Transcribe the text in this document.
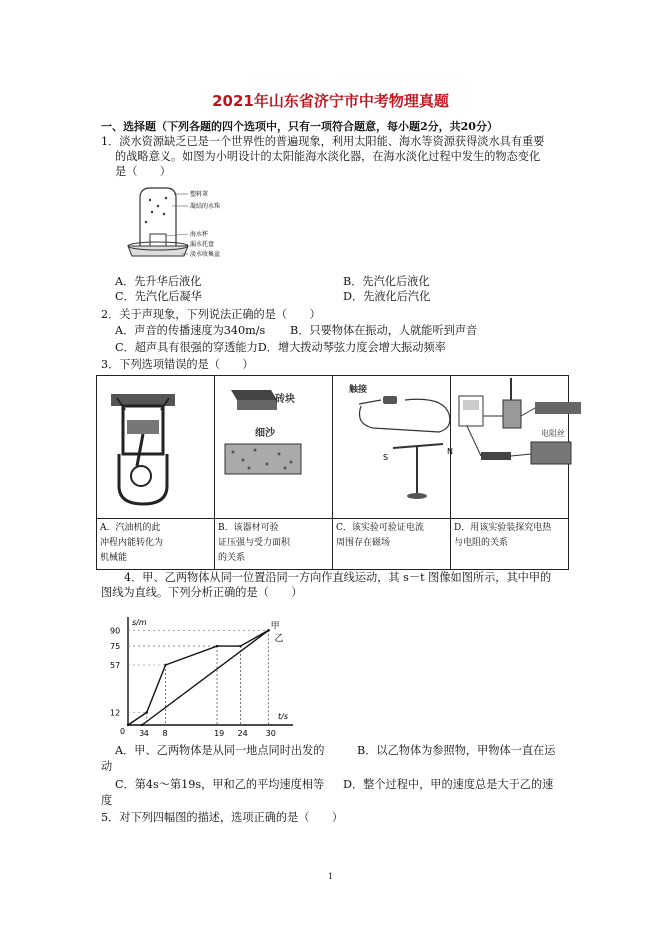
2021年山东省济宁市中考物理真题
一、选择题（下列各题的四个选项中，只有一项符合题意，每小题2分，共20分）
1．淡水资源缺乏已是一个世界性的普遍现象，利用太阳能、海水等资源获得淡水具有重要
的战略意义。如图为小明设计的太阳能海水淡化器，在海水淡化过程中发生的物态变化
是（　　）
塑料罩
凝结的水珠
海水杯
漏水托盘
淡水收集盆
A．先升华后液化	B．先汽化后液化
C．先汽化后凝华	D．先液化后汽化
2．关于声现象，下列说法正确的是（　　）
A．声音的传播速度为340m/s B．只要物体在振动，人就能听到声音
C．超声具有很强的穿透能力D．增大拨动琴弦力度会增大振动频率
3．下列选项错误的是（　　）

砖块
细沙	触接
S
N	电阻丝

A．汽油机的此
冲程内能转化为
机械能	B．该器材可验
证压强与受力面积
的关系	C．该实验可验证电流
周围存在磁场	D．用该实验装探究电热
与电阻的关系
4．甲、乙两物体从同一位置沿同一方向作直线运动，其 s－t 图像如图所示，其中甲的
图线为直线。下列分析正确的是（　　）
s/m
t/s
0
90
75
57
12
3 4 8	19 24 30
甲
乙
A．甲、乙两物体是从同一地点同时出发的	B．以乙物体为参照物，甲物体一直在运
动
C．第4s～第19s，甲和乙的平均速度相等 D．整个过程中，甲的速度总是大于乙的速
度
5．对下列四幅图的描述，选项正确的是（　　）
1
